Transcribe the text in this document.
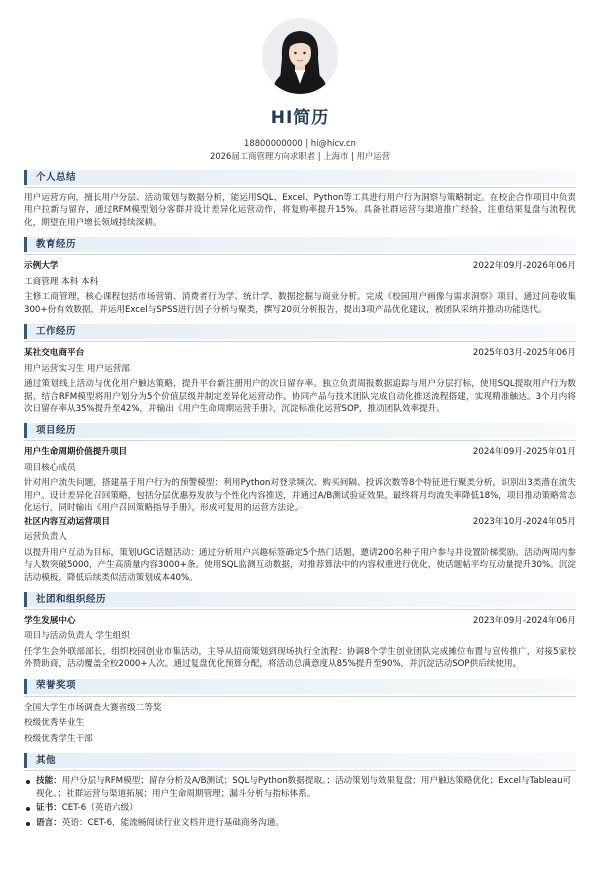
HI简历
18800000000 | hi@hicv.cn
2026届工商管理方向求职者 | 上海市 | 用户运营
个人总结
用户运营方向，擅长用户分层、活动策划与数据分析，能运用SQL、Excel、Python等工具进行用户行为洞察与策略制定。在校企合作项目中负责用户拉新与留存，通过RFM模型划分客群并设计差异化运营动作，将复购率提升15%。具备社群运营与渠道推广经验，注重结果复盘与流程优化，期望在用户增长领域持续深耕。
教育经历
示例大学	2022年09月-2026年06月
工商管理 本科 本科
主修工商管理，核心课程包括市场营销、消费者行为学、统计学、数据挖掘与商业分析。完成《校园用户画像与需求洞察》项目，通过问卷收集300+份有效数据，并运用Excel与SPSS进行因子分析与聚类，撰写20页分析报告，提出3项产品优化建议，被团队采纳并推动功能迭代。
工作经历
某社交电商平台	2025年03月-2025年06月
用户运营实习生 用户运营部
通过策划线上活动与优化用户触达策略，提升平台新注册用户的次日留存率。独立负责周报数据追踪与用户分层打标，使用SQL提取用户行为数据，结合RFM模型将用户划分为5个价值层级并制定差异化运营动作。协同产品与技术团队完成自动化推送流程搭建，实现精准触达。3个月内将次日留存率从35%提升至42%，并输出《用户生命周期运营手册》，沉淀标准化运营SOP，推动团队效率提升。
项目经历
用户生命周期价值提升项目	2024年09月-2025年01月
项目核心成员
针对用户流失问题，搭建基于用户行为的预警模型：利用Python对登录频次、购买间隔、投诉次数等8个特征进行聚类分析，识别出3类潜在流失用户。设计差异化召回策略，包括分层优惠券发放与个性化内容推送，并通过A/B测试验证效果。最终将月均流失率降低18%，项目推动策略常态化运行，同时输出《用户召回策略指导手册》，形成可复用的运营方法论。
社区内容互动运营项目	2023年10月-2024年05月
运营负责人
以提升用户互动为目标，策划UGC话题活动：通过分析用户兴趣标签确定5个热门话题，邀请200名种子用户参与并设置阶梯奖励。活动两周内参与人数突破5000，产生高质量内容3000+条。使用SQL监测互动数据，对推荐算法中的内容权重进行优化，使话题帖平均互动量提升30%。沉淀活动模板，降低后续类似活动策划成本40%。
社团和组织经历
学生发展中心	2023年09月-2024年06月
项目与活动负责人 学生组织
任学生会外联部部长，组织校园创业市集活动，主导从招商策划到现场执行全流程：协调8个学生创业团队完成摊位布置与宣传推广，对接5家校外赞助商，活动覆盖全校2000+人次。通过复盘优化预算分配，将活动总满意度从85%提升至90%，并沉淀活动SOP供后续使用。
荣誉奖项
全国大学生市场调查大赛省级二等奖
校级优秀毕业生
校级优秀学生干部
其他
技能：用户分层与RFM模型；留存分析及A/B测试；SQL与Python数据提取。；活动策划与效果复盘；用户触达策略优化；Excel与Tableau可视化。；社群运营与渠道拓展；用户生命周期管理；漏斗分析与指标体系。
证书：CET-6（英语六级）
语言：英语：CET-6，能流畅阅读行业文档并进行基础商务沟通。
